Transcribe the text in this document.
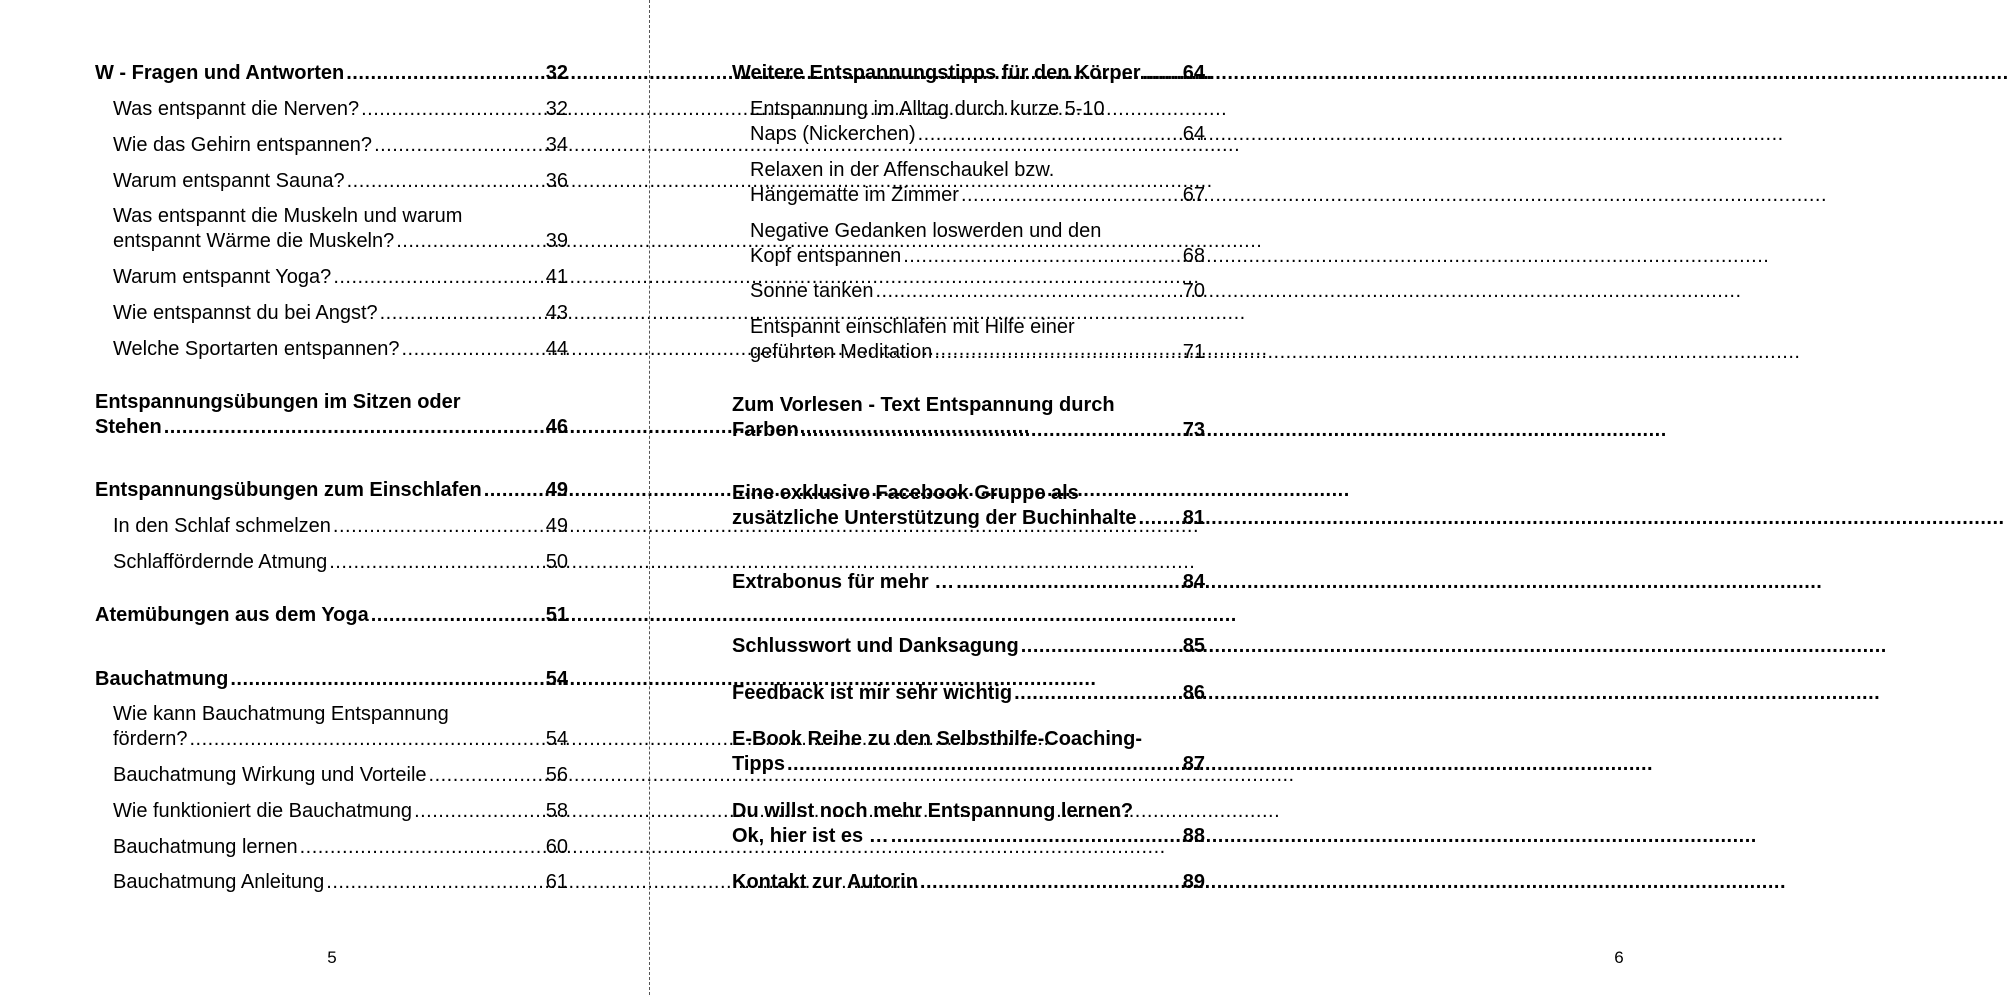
W - Fragen und Antworten .....	32
Was entspannt die Nerven? .....	32
Wie das Gehirn entspannen? .....	34
Warum entspannt Sauna? .....	36
Was entspannt die Muskeln und warum
entspannt Wärme die Muskeln? .....	39
Warum entspannt Yoga? .....	41
Wie entspannst du bei Angst? .....	43
Welche Sportarten entspannen? .....	44
Entspannungsübungen im Sitzen oder
Stehen .....	46
Entspannungsübungen zum Einschlafen .....	49
In den Schlaf schmelzen .....	49
Schlaffördernde Atmung .....	50
Atemübungen aus dem Yoga .....	51
Bauchatmung .....	54
Wie kann Bauchatmung Entspannung
fördern? .....	54
Bauchatmung Wirkung und Vorteile .....	56
Wie funktioniert die Bauchatmung .....	58
Bauchatmung lernen .....	60
Bauchatmung Anleitung .....	61
5
Weitere Entspannungstipps für den Körper ..... 64
Entspannung im Alltag durch kurze 5-10
Naps (Nickerchen) .....	64
Relaxen in der Affenschaukel bzw.
Hängematte im Zimmer .....	67
Negative Gedanken loswerden und den
Kopf entspannen .....	68
Sonne tanken .....	70
Entspannt einschlafen mit Hilfe einer
geführten Meditation .....	71
Zum Vorlesen - Text Entspannung durch
Farben .....	73
Eine exklusive Facebook Gruppe als
zusätzliche Unterstützung der Buchinhalte ..... 81
Extrabonus für mehr … .....	84
Schlusswort und Danksagung .....	85
Feedback ist mir sehr wichtig .....	86
E-Book Reihe zu den Selbsthilfe-Coaching-
Tipps .....	87
Du willst noch mehr Entspannung lernen?
Ok, hier ist es … .....	88
Kontakt zur Autorin .....	89
6
